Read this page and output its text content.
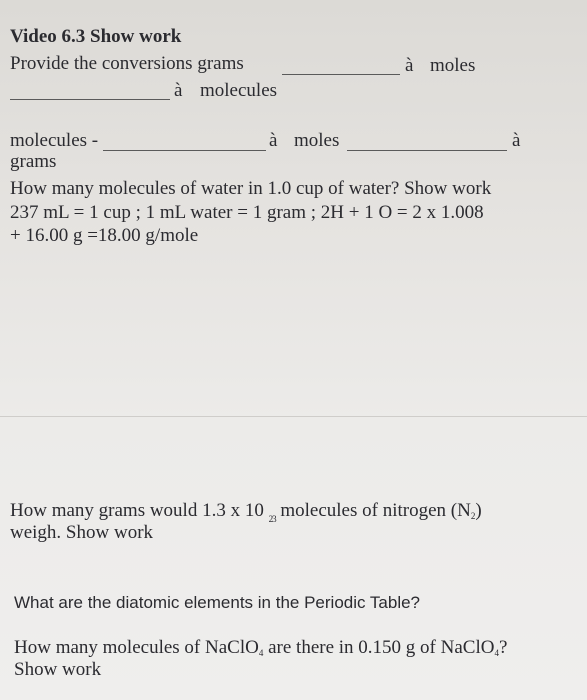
Video 6.3 Show work
Provide the conversions grams	à moles
à molecules
molecules -	à moles	à
grams
How many molecules of water in 1.0 cup of water? Show work
237 mL = 1 cup ; 1 mL water = 1 gram ; 2H + 1 O = 2 x 1.008
+ 16.00 g =18.00 g/mole
How many grams would 1.3 x 10 $_{23}$ molecules of nitrogen $(N_2)$
weigh. Show work
What are the diatomic elements in the Periodic Table?
How many molecules of NaClO$_4$ are there in 0.150 g of NaClO$_4$?
Show work
